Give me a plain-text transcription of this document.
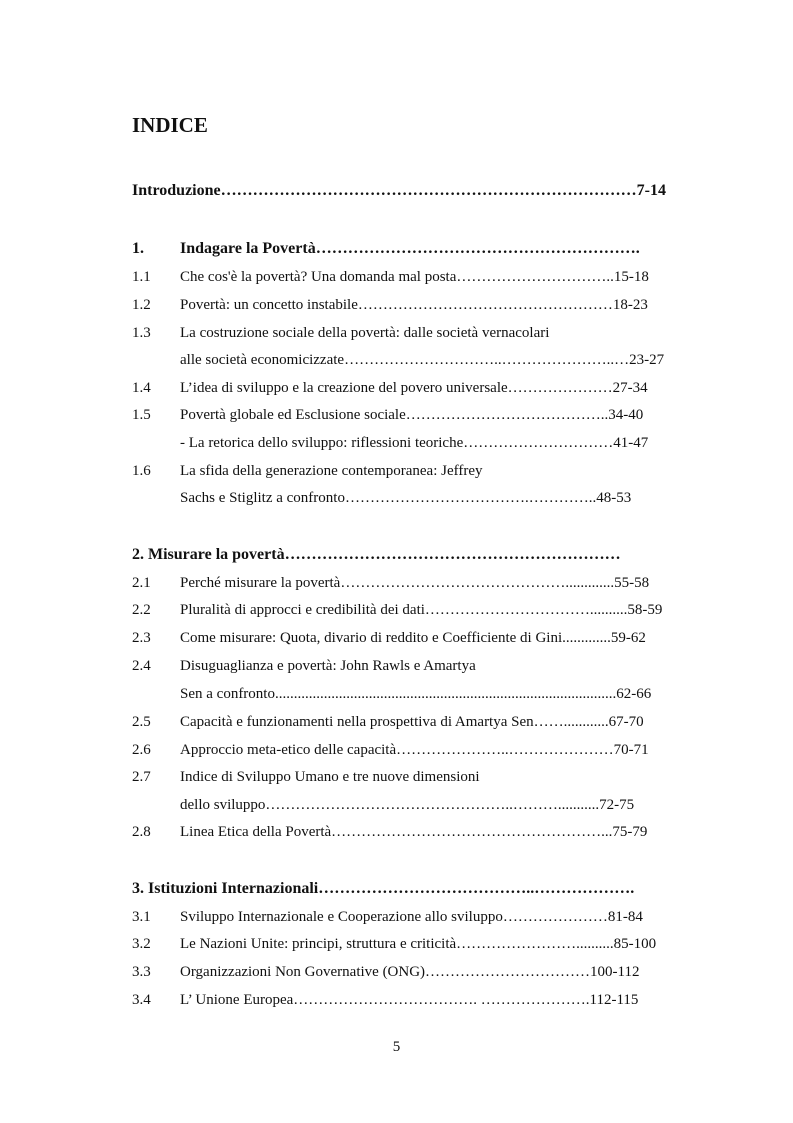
INDICE
Introduzione……………………………………………………………………7-14
1. Indagare la Povertà…………………………………………………….
1.1 Che cos'è la povertà? Una domanda mal posta…………………………..15-18
1.2 Povertà: un concetto instabile……………………………………………18-23
1.3 La costruzione sociale della povertà: dalle società vernacolari
alle società economicizzate…………………………..…………………..…23-27
1.4 L’idea di sviluppo e la creazione del povero universale…………………27-34
1.5 Povertà globale ed Esclusione sociale…………………………………..34-40
- La retorica dello sviluppo: riflessioni teoriche…………………………41-47
1.6 La sfida della generazione contemporanea: Jeffrey
Sachs e Stiglitz a confronto……………………………….…………..48-53
2. Misurare la povertà………………………………………………………
2.1 Perché misurare la povertà……………………………………….............55-58
2.2 Pluralità di approcci e credibilità dei dati……………………………..........58-59
2.3 Come misurare: Quota, divario di reddito e Coefficiente di Gini.............59-62
2.4 Disuguaglianza e povertà: John Rawls e Amartya
Sen a confronto...........................................................................................62-66
2.5 Capacità e funzionamenti nella prospettiva di Amartya Sen……............67-70
2.6 Approccio meta-etico delle capacità…………………..…………………70-71
2.7 Indice di Sviluppo Umano e tre nuove dimensioni
dello sviluppo…………………………………………..………...........72-75
2.8 Linea Etica della Povertà………………………………………………...75-79
3. Istituzioni Internazionali…………………………………..……………….
3.1 Sviluppo Internazionale e Cooperazione allo sviluppo…………………81-84
3.2 Le Nazioni Unite: principi, struttura e criticità……………………..........85-100
3.3 Organizzazioni Non Governative (ONG)……………………………100-112
3.4 L’ Unione Europea………………………………. ………………….112-115
5
